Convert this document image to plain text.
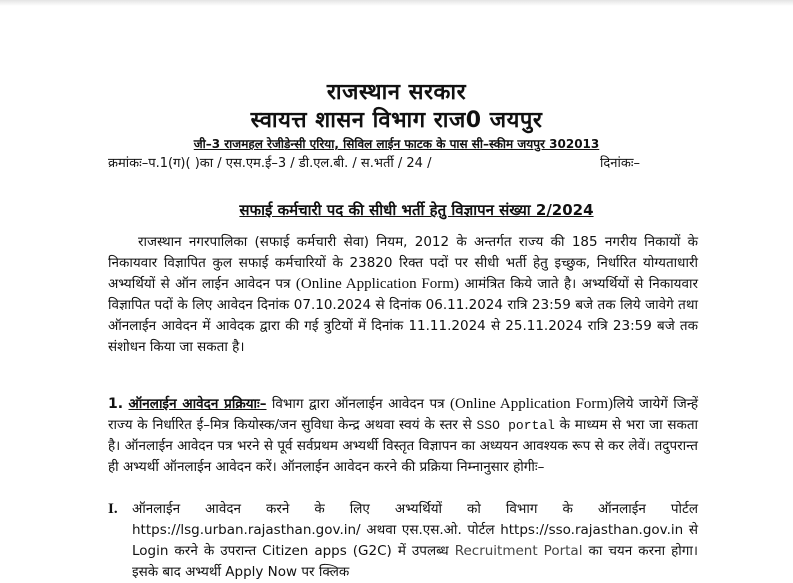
राजस्थान सरकार
स्वायत्त शासन विभाग राज0 जयपुर
जी–3 राजमहल रेजीडेन्सी एरिया, सिविल लाईन फाटक के पास सी–स्कीम जयपुर 302013
क्रमांकः–प.1(ग)( )का / एस.एम.ई–3 / डी.एल.बी. / स.भर्ती / 24 /	दिनांकः–
सफाई कर्मचारी पद की सीधी भर्ती हेतु विज्ञापन संख्या 2/2024
राजस्थान नगरपालिका (सफाई कर्मचारी सेवा) नियम, 2012 के अन्तर्गत राज्य की 185 नगरीय निकायों के निकायवार विज्ञापित कुल सफाई कर्मचारियों के 23820 रिक्त पदों पर सीधी भर्ती हेतु इच्छुक, निर्धारित योग्यताधारी अभ्यर्थियों से ऑन लाईन आवेदन पत्र (Online Application Form) आमंत्रित किये जाते है। अभ्यर्थियों से निकायवार विज्ञापित पदों के लिए आवेदन दिनांक 07.10.2024 से दिनांक 06.11.2024 रात्रि 23:59 बजे तक लिये जावेगे तथा ऑनलाईन आवेदन में आवेदक द्वारा की गई त्रुटियों में दिनांक 11.11.2024 से 25.11.2024 रात्रि 23:59 बजे तक संशोधन किया जा सकता है।
1. ऑनलाईन आवेदन प्रक्रियाः– विभाग द्वारा ऑनलाईन आवेदन पत्र (Online Application Form)लिये जायेगें जिन्हें राज्य के निर्धारित ई–मित्र कियोस्क/जन सुविधा केन्द्र अथवा स्वयं के स्तर से SSO portal के माध्यम से भरा जा सकता है। ऑनलाईन आवेदन पत्र भरने से पूर्व सर्वप्रथम अभ्यर्थी विस्तृत विज्ञापन का अध्ययन आवश्यक रूप से कर लेवें। तदुपरान्त ही अभ्यर्थी ऑनलाईन आवेदन करें। ऑनलाईन आवेदन करने की प्रक्रिया निम्नानुसार होगीः–
I. ऑनलाईन आवेदन करने के लिए अभ्यर्थियों को विभाग के ऑनलाईन पोर्टल https://lsg.urban.rajasthan.gov.in/ अथवा एस.एस.ओ. पोर्टल https://sso.rajasthan.gov.in से Login करने के उपरान्त Citizen apps (G2C) में उपलब्ध Recruitment Portal का चयन करना होगा। इसके बाद अभ्यर्थी Apply Now पर क्लिक
